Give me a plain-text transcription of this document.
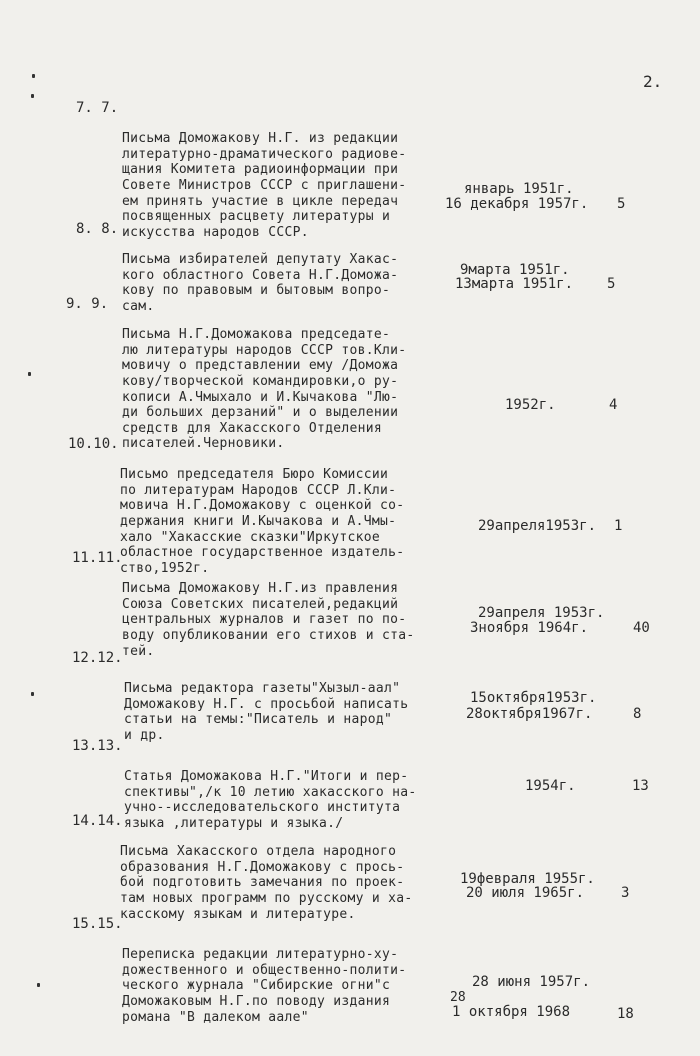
2.
7. 7.

Письма Доможакову Н.Г. из редакции
литературно-драматического радиове-
щания Комитета радиоинформации при
Совете Министров СССР с приглашени-
ем принять участие в цикле передач
посвященных расцвету литературы и
искусства народов СССР.

январь 1951г.
16 декабря 1957г. 5
8. 8.

Письма избирателей депутату Хакас-
кого областного Совета Н.Г.Доможа-
кову по правовым и бытовым вопро-
сам.

9марта 1951г.
13марта 1951г. 5
9. 9.

Письма Н.Г.Доможакова председате-
лю литературы народов СССР тов.Кли-
мовичу о представлении ему /Доможа
кову/творческой командировки,о ру-
кописи А.Чмыхало и И.Кычакова "Лю-
ди больших дерзаний" и о выделении
средств для Хакасского Отделения
писателей.Черновики.

1952г.	4
10.10.

Письмо председателя Бюро Комиссии
по литературам Народов СССР Л.Кли-
мовича Н.Г.Доможакову с оценкой со-
держания книги И.Кычакова и А.Чмы-
хало "Хакасские сказки"Иркутское
областное государственное издатель-
ство,1952г.

29апреля1953г. 1
11.11.

Письма Доможакову Н.Г.из правления
Союза Советских писателей,редакций
центральных журналов и газет по по-
воду опубликовании его стихов и ста-
тей.

29апреля 1953г.
3ноября 1964г.	40
12.12.

Письма редактора газеты"Хызыл-аал"
Доможакову Н.Г. с просьбой написать
статьи на темы:"Писатель и народ"
и др.

15октября1953г.
28октября1967г.	8
13.13.

Статья Доможакова Н.Г."Итоги и пер-
спективы",/к 10 летию хакасского на-
учно--исследовательского института
языка ,литературы и языка./

1954г.	13
14.14.

Письма Хакасского отдела народного
образования Н.Г.Доможакову с прось-
бой подготовить замечания по проек-
там новых программ по русскому и ха-
касскому языкам и литературе.

19февраля 1955г.
20 июля 1965г.	3
15.15.

Переписка редакции литературно-ху-
дожественного и общественно-полити-
ческого журнала "Сибирские огни"с
Доможаковым Н.Г.по поводу издания
романа "В далеком аале"

28 июня 1957г.
28
1 октября 1968	18
